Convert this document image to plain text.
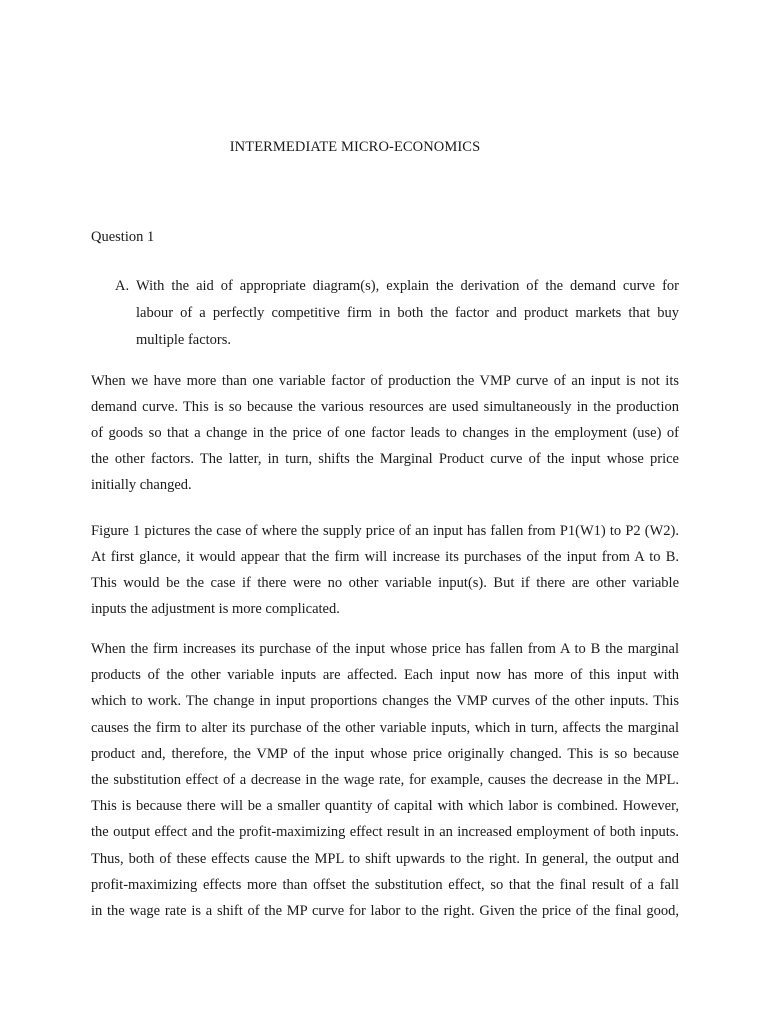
INTERMEDIATE MICRO-ECONOMICS
Question 1
A. With the aid of appropriate diagram(s), explain the derivation of the demand curve for
labour of a perfectly competitive firm in both the factor and product markets that buy
multiple factors.
When we have more than one variable factor of production the VMP curve of an input is not its
demand curve. This is so because the various resources are used simultaneously in the production
of goods so that a change in the price of one factor leads to changes in the employment (use) of
the other factors. The latter, in turn, shifts the Marginal Product curve of the input whose price
initially changed.
Figure 1 pictures the case of where the supply price of an input has fallen from P1(W1) to P2 (W2).
At first glance, it would appear that the firm will increase its purchases of the input from A to B.
This would be the case if there were no other variable input(s). But if there are other variable
inputs the adjustment is more complicated.
When the firm increases its purchase of the input whose price has fallen from A to B the marginal
products of the other variable inputs are affected. Each input now has more of this input with
which to work. The change in input proportions changes the VMP curves of the other inputs. This
causes the firm to alter its purchase of the other variable inputs, which in turn, affects the marginal
product and, therefore, the VMP of the input whose price originally changed. This is so because
the substitution effect of a decrease in the wage rate, for example, causes the decrease in the MPL.
This is because there will be a smaller quantity of capital with which labor is combined. However,
the output effect and the profit-maximizing effect result in an increased employment of both inputs.
Thus, both of these effects cause the MPL to shift upwards to the right. In general, the output and
profit-maximizing effects more than offset the substitution effect, so that the final result of a fall
in the wage rate is a shift of the MP curve for labor to the right. Given the price of the final good,
